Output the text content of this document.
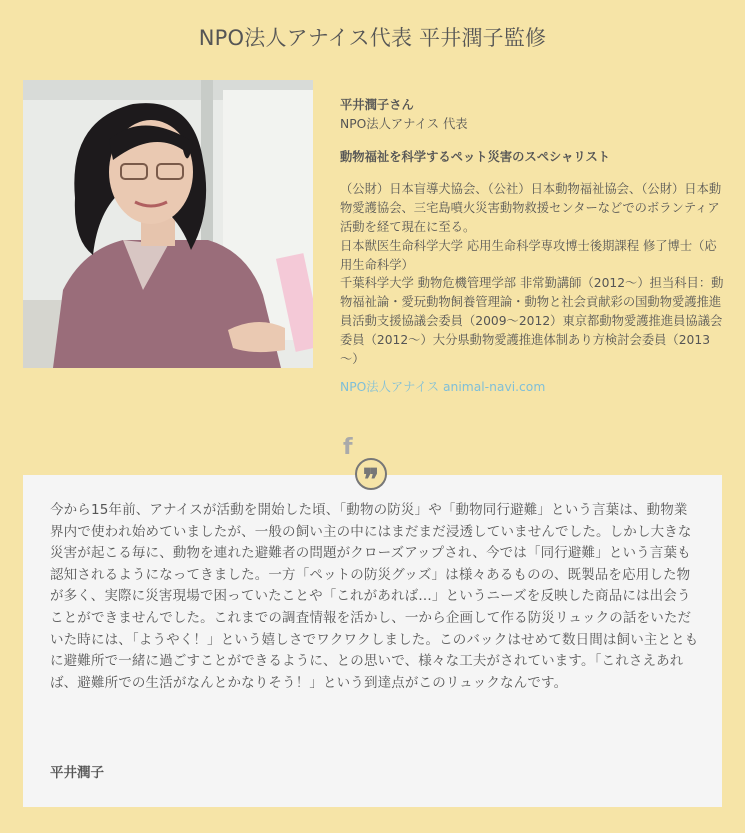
NPO法人アナイス代表 平井潤子監修
平井潤子さん
NPO法人アナイス 代表
動物福祉を科学するペット災害のスペシャリスト
（公財）日本盲導犬協会、（公社）日本動物福祉協会、（公財）日本動物愛護協会、三宅島噴火災害動物救援センターなどでのボランティア活動を経て現在に至る。
日本獣医生命科学大学 応用生命科学専攻博士後期課程 修了博士（応用生命科学）
千葉科学大学 動物危機管理学部 非常勤講師（2012～）担当科目：動物福祉論・愛玩動物飼養管理論・動物と社会貢献彩の国動物愛護推進員活動支援協議会委員（2009～2012）東京都動物愛護推進員協議会委員（2012～）大分県動物愛護推進体制あり方検討会委員（2013～）
NPO法人アナイス animal-navi.com
f
❞
今から15年前、アナイスが活動を開始した頃、「動物の防災」や「動物同行避難」という言葉は、動物業界内で使われ始めていましたが、一般の飼い主の中にはまだまだ浸透していませんでした。しかし大きな災害が起こる毎に、動物を連れた避難者の問題がクローズアップされ、今では「同行避難」という言葉も認知されるようになってきました。一方「ペットの防災グッズ」は様々あるものの、既製品を応用した物が多く、実際に災害現場で困っていたことや「これがあれば…」というニーズを反映した商品には出会うことができませんでした。これまでの調査情報を活かし、一から企画して作る防災リュックの話をいただいた時には、「ようやく！」という嬉しさでワクワクしました。このバックはせめて数日間は飼い主とともに避難所で一緒に過ごすことができるように、との思いで、様々な工夫がされています。「これさえあれば、避難所での生活がなんとかなりそう！」という到達点がこのリュックなんです。
平井潤子
